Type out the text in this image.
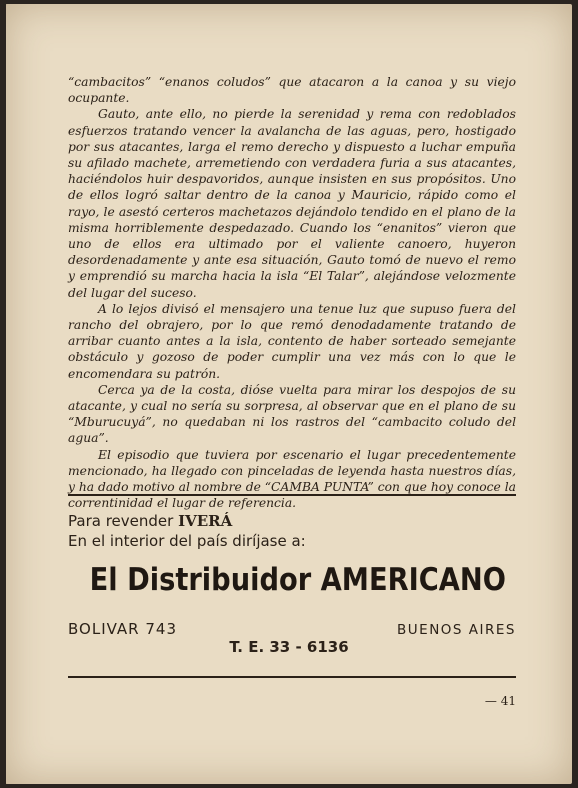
“cambacitos” “enanos coludos” que atacaron a la canoa y su viejo ocupante.

Gauto, ante ello, no pierde la serenidad y rema con redoblados esfuerzos tratando vencer la avalancha de las aguas, pero, hostigado por sus atacantes, larga el remo derecho y dispuesto a luchar empuña su afilado machete, arremetiendo con verdadera furia a sus atacantes, haciéndolos huir despavoridos, aunque insisten en sus propósitos. Uno de ellos logró saltar dentro de la canoa y Mauricio, rápido como el rayo, le asestó certeros machetazos dejándolo tendido en el plano de la misma horriblemente despedazado. Cuando los “enanitos” vieron que uno de ellos era ultimado por el valiente canoero, huyeron desordenadamente y ante esa situación, Gauto tomó de nuevo el remo y emprendió su marcha hacia la isla “El Talar”, alejándose velozmente del lugar del suceso.

A lo lejos divisó el mensajero una tenue luz que supuso fuera del rancho del obrajero, por lo que remó denodadamente tratando de arribar cuanto antes a la isla, contento de haber sorteado semejante obstáculo y gozoso de poder cumplir una vez más con lo que le encomendara su patrón.

Cerca ya de la costa, dióse vuelta para mirar los despojos de su atacante, y cual no sería su sorpresa, al observar que en el plano de su “Mburucuyá”, no quedaban ni los rastros del “cambacito coludo del agua”.

El episodio que tuviera por escenario el lugar precedentemente mencionado, ha llegado con pinceladas de leyenda hasta nuestros días, y ha dado motivo al nombre de “CAMBA PUNTA” con que hoy conoce la correntinidad el lugar de referencia.

Para revender IVERÁ
En el interior del país diríjase a:
El Distribuidor AMERICANO
BOLIVAR 743	BUENOS AIRES
T. E. 33 - 6136
— 41
